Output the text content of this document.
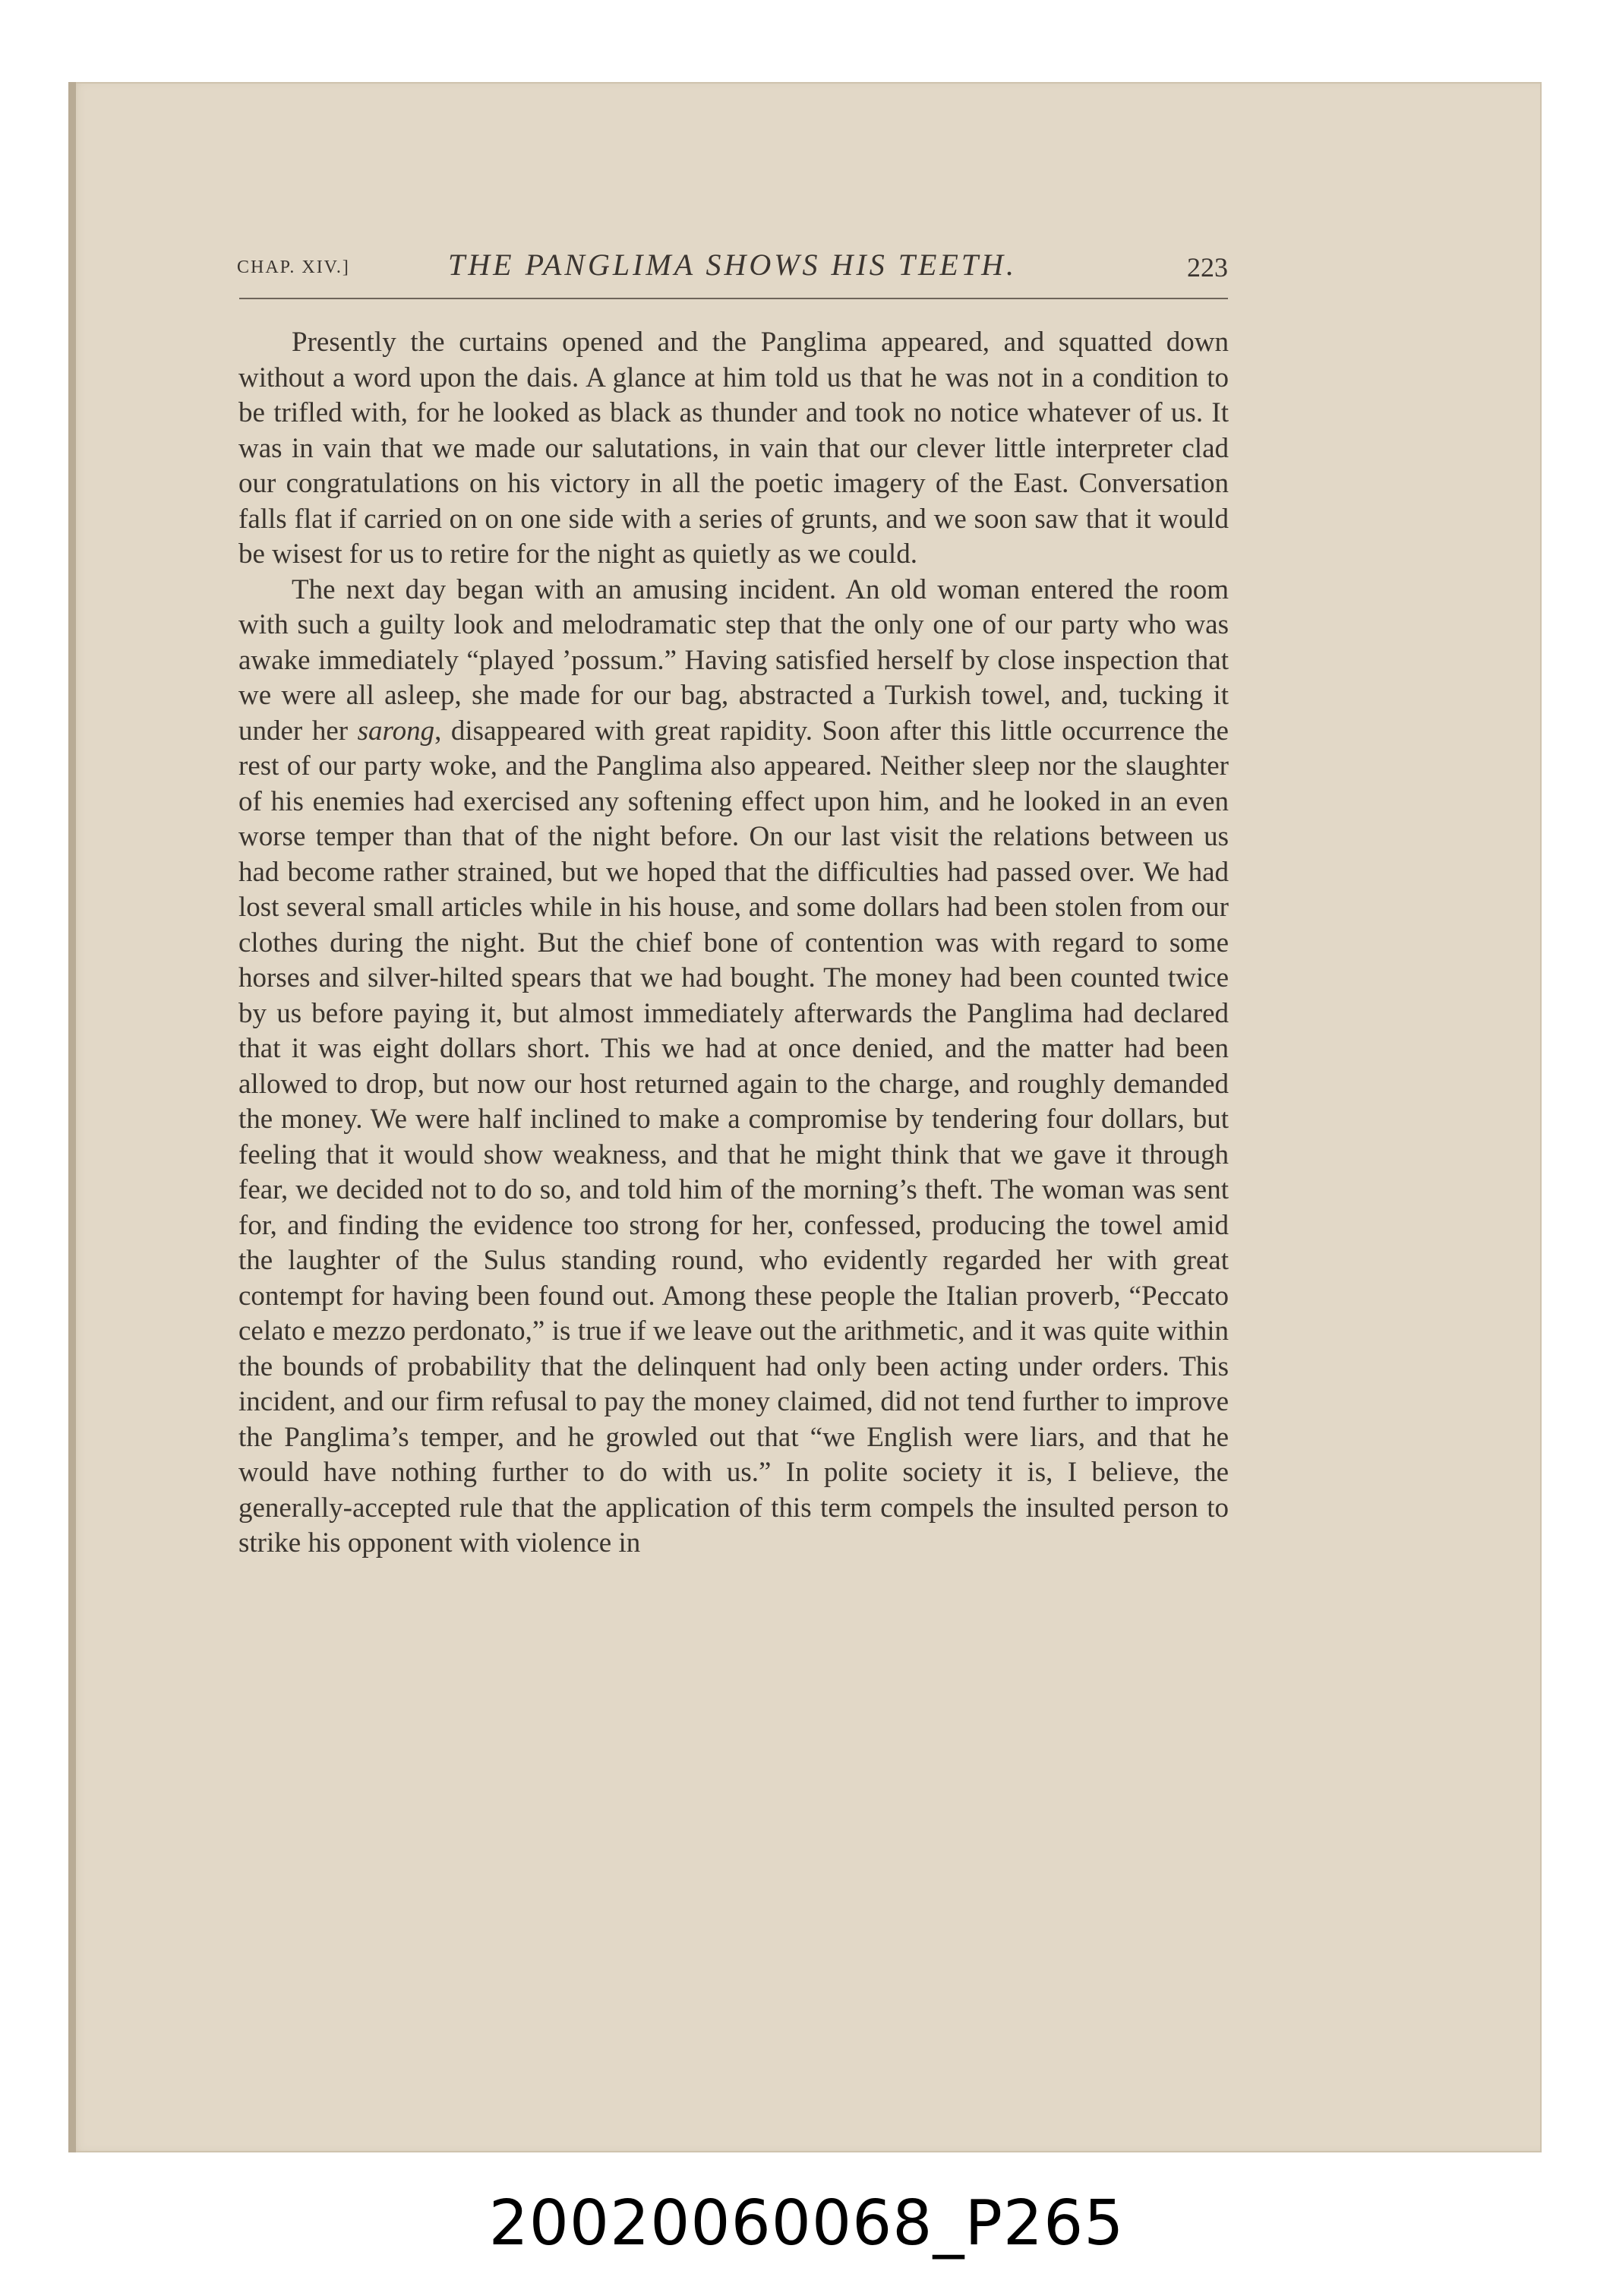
CHAP. XIV.]	THE PANGLIMA SHOWS HIS TEETH.	223

Presently the curtains opened and the Panglima appeared, and squatted down without a word upon the dais. A glance at him told us that he was not in a condition to be trifled with, for he looked as black as thunder and took no notice whatever of us. It was in vain that we made our salutations, in vain that our clever little interpreter clad our congratulations on his victory in all the poetic imagery of the East. Conversation falls flat if carried on on one side with a series of grunts, and we soon saw that it would be wisest for us to retire for the night as quietly as we could.

The next day began with an amusing incident. An old woman entered the room with such a guilty look and melodramatic step that the only one of our party who was awake immediately “played ’possum.” Having satisfied herself by close inspection that we were all asleep, she made for our bag, abstracted a Turkish towel, and, tucking it under her sarong, disappeared with great rapidity. Soon after this little occurrence the rest of our party woke, and the Panglima also appeared. Neither sleep nor the slaughter of his enemies had exercised any softening effect upon him, and he looked in an even worse temper than that of the night before. On our last visit the relations between us had become rather strained, but we hoped that the difficulties had passed over. We had lost several small articles while in his house, and some dollars had been stolen from our clothes during the night. But the chief bone of contention was with regard to some horses and silver-hilted spears that we had bought. The money had been counted twice by us before paying it, but almost immediately afterwards the Panglima had declared that it was eight dollars short. This we had at once denied, and the matter had been allowed to drop, but now our host returned again to the charge, and roughly demanded the money. We were half inclined to make a compromise by tendering four dollars, but feeling that it would show weakness, and that he might think that we gave it through fear, we decided not to do so, and told him of the morning’s theft. The woman was sent for, and finding the evidence too strong for her, confessed, producing the towel amid the laughter of the Sulus standing round, who evidently regarded her with great contempt for having been found out. Among these people the Italian proverb, “Peccato celato e mezzo perdonato,” is true if we leave out the arithmetic, and it was quite within the bounds of probability that the delinquent had only been acting under orders. This incident, and our firm refusal to pay the money claimed, did not tend further to improve the Panglima’s temper, and he growled out that “we English were liars, and that he would have nothing further to do with us.” In polite society it is, I believe, the generally-accepted rule that the application of this term compels the insulted person to strike his opponent with violence in

20020060068_P265
